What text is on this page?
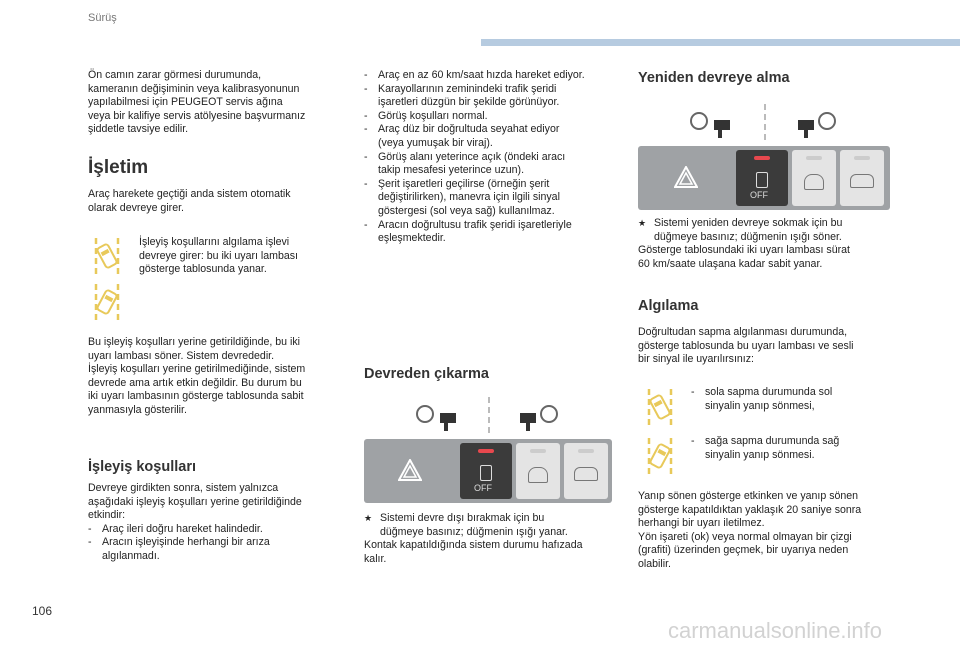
Sürüş

Ön camın zarar görmesi durumunda,

kameranın değişiminin veya kalibrasyonunun

yapılabilmesi için PEUGEOT servis ağına

veya bir kalifiye servis atölyesine başvurmanız

şiddetle tavsiye edilir.

İşletim

Araç harekete geçtiği anda sistem otomatik

olarak devreye girer.

İşleyiş koşullarını algılama işlevi

devreye girer: bu iki uyarı lambası

gösterge tablosunda yanar.

Bu işleyiş koşulları yerine getirildiğinde, bu iki

uyarı lambası söner. Sistem devrededir.

İşleyiş koşulları yerine getirilmediğinde, sistem

devrede ama artık etkin değildir. Bu durum bu

iki uyarı lambasının gösterge tablosunda sabit

yanmasıyla gösterilir.

İşleyiş koşulları

Devreye girdikten sonra, sistem yalnızca

aşağıdaki işleyiş koşulları yerine getirildiğinde

etkindir:

- Araç ileri doğru hareket halindedir.
- Aracın işleyişinde herhangi bir arıza
algılanmadı.
- Araç en az 60 km/saat hızda hareket ediyor.
- Karayollarının zeminindeki trafik şeridi
işaretleri düzgün bir şekilde görünüyor.
- Görüş koşulları normal.
- Araç düz bir doğrultuda seyahat ediyor
(veya yumuşak bir viraj).
- Görüş alanı yeterince açık (öndeki aracı
takip mesafesi yeterince uzun).
- Şerit işaretleri geçilirse (örneğin şerit
değiştirilirken), manevra için ilgili sinyal
göstergesi (sol veya sağ) kullanılmaz.
- Aracın doğrultusu trafik şeridi işaretleriyle
eşleşmektedir.
Devreden çıkarma
OFF
★ Sistemi devre dışı bırakmak için bu
düğmeye basınız; düğmenin ışığı yanar.

Kontak kapatıldığında sistem durumu hafızada

kalır.

Yeniden devreye alma
OFF
★ Sistemi yeniden devreye sokmak için bu
düğmeye basınız; düğmenin ışığı söner.

Gösterge tablosundaki iki uyarı lambası sürat

60 km/saate ulaşana kadar sabit yanar.

Algılama

Doğrultudan sapma algılanması durumunda,

gösterge tablosunda bu uyarı lambası ve sesli

bir sinyal ile uyarılırsınız:

- sola sapma durumunda sol
sinyalin yanıp sönmesi,
- sağa sapma durumunda sağ
sinyalin yanıp sönmesi.

Yanıp sönen gösterge etkinken ve yanıp sönen

gösterge kapatıldıktan yaklaşık 20 saniye sonra

herhangi bir uyarı iletilmez.

Yön işareti (ok) veya normal olmayan bir çizgi

(grafiti) üzerinden geçmek, bir uyarıya neden

olabilir.

106
carmanualsonline.info
